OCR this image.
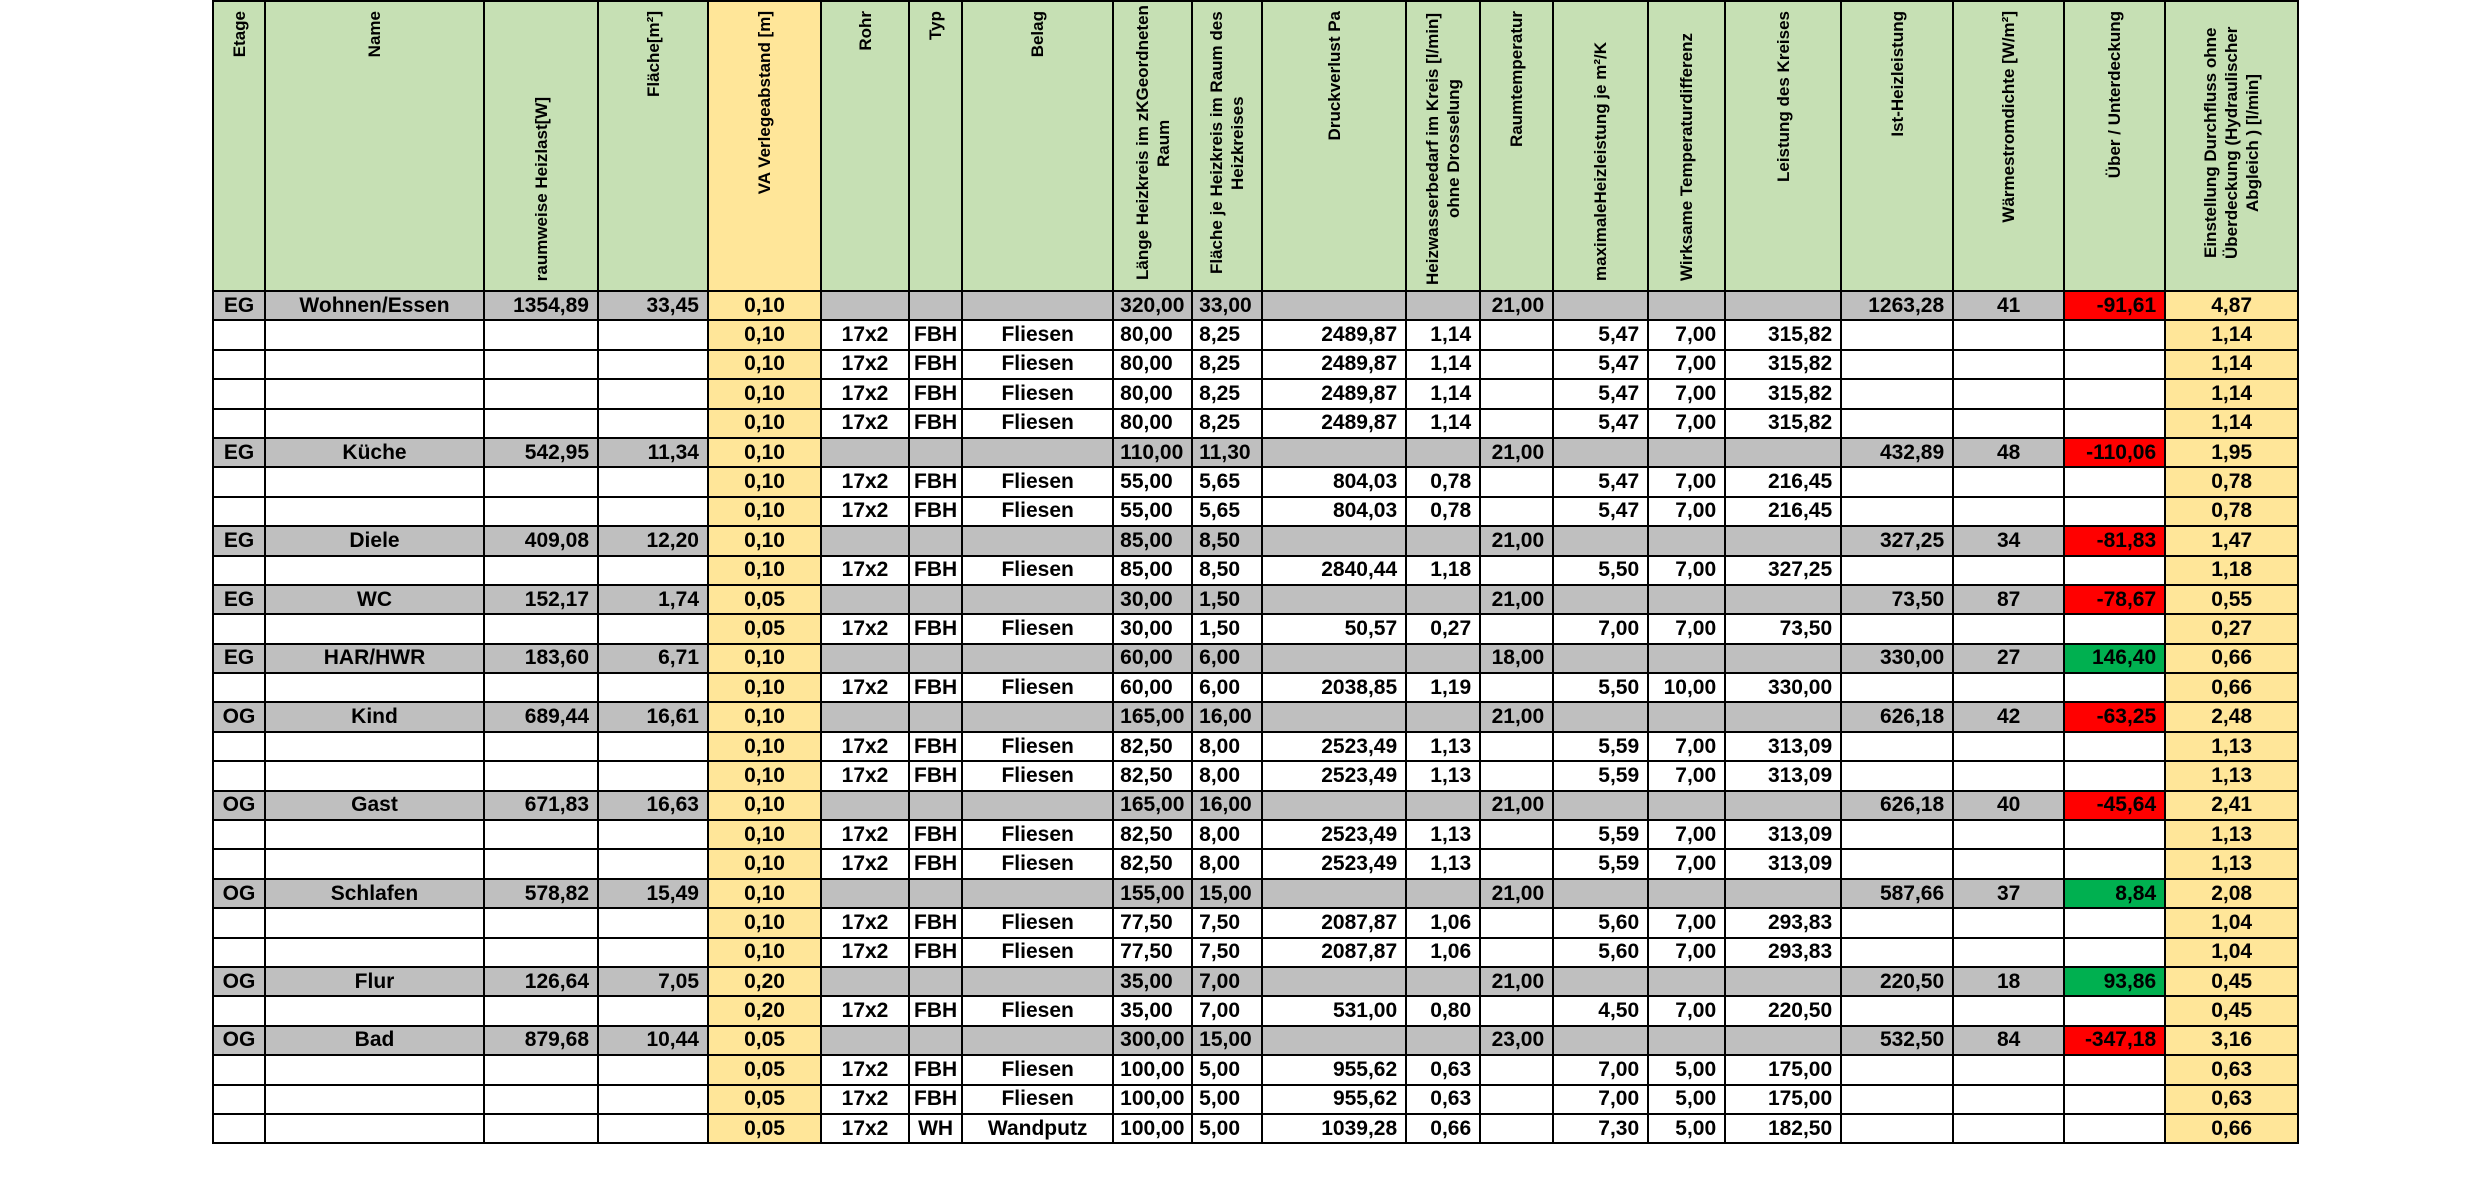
Etage	Name	raumweise Heizlast[W]	Fläche[m²]	VA Verlegeabstand [m]	Rohr	Typ	Belag	Länge Heizkreis im zKGeordneten Raum	Fläche je Heizkreis im Raum des Heizkreises	Druckverlust Pa	Heizwasserbedarf im Kreis [l/min] ohne Drosselung	Raumtemperatur	maximaleHeizleistung je m²/K	Wirksame Temperaturdifferenz	Leistung des Kreises	Ist-Heizleistung	Wärmestromdichte [W/m²]	Über / Unterdeckung	Einstellung Durchfluss ohne Überdeckung (Hydraulischer Abgleich ) [l/min]

EG	Wohnen/Essen	1354,89	33,45	0,10				320,00	33,00			21,00				1263,28	41	-91,61	4,87
				0,10	17x2	FBH	Fliesen	80,00	8,25	2489,87	1,14		5,47	7,00	315,82				1,14
				0,10	17x2	FBH	Fliesen	80,00	8,25	2489,87	1,14		5,47	7,00	315,82				1,14
				0,10	17x2	FBH	Fliesen	80,00	8,25	2489,87	1,14		5,47	7,00	315,82				1,14
				0,10	17x2	FBH	Fliesen	80,00	8,25	2489,87	1,14		5,47	7,00	315,82				1,14
EG	Küche	542,95	11,34	0,10				110,00	11,30			21,00				432,89	48	-110,06	1,95
				0,10	17x2	FBH	Fliesen	55,00	5,65	804,03	0,78		5,47	7,00	216,45				0,78
				0,10	17x2	FBH	Fliesen	55,00	5,65	804,03	0,78		5,47	7,00	216,45				0,78
EG	Diele	409,08	12,20	0,10				85,00	8,50			21,00				327,25	34	-81,83	1,47
				0,10	17x2	FBH	Fliesen	85,00	8,50	2840,44	1,18		5,50	7,00	327,25				1,18
EG	WC	152,17	1,74	0,05				30,00	1,50			21,00				73,50	87	-78,67	0,55
				0,05	17x2	FBH	Fliesen	30,00	1,50	50,57	0,27		7,00	7,00	73,50				0,27
EG	HAR/HWR	183,60	6,71	0,10				60,00	6,00			18,00				330,00	27	146,40	0,66
				0,10	17x2	FBH	Fliesen	60,00	6,00	2038,85	1,19		5,50	10,00	330,00				0,66
OG	Kind	689,44	16,61	0,10				165,00	16,00			21,00				626,18	42	-63,25	2,48
				0,10	17x2	FBH	Fliesen	82,50	8,00	2523,49	1,13		5,59	7,00	313,09				1,13
				0,10	17x2	FBH	Fliesen	82,50	8,00	2523,49	1,13		5,59	7,00	313,09				1,13
OG	Gast	671,83	16,63	0,10				165,00	16,00			21,00				626,18	40	-45,64	2,41
				0,10	17x2	FBH	Fliesen	82,50	8,00	2523,49	1,13		5,59	7,00	313,09				1,13
				0,10	17x2	FBH	Fliesen	82,50	8,00	2523,49	1,13		5,59	7,00	313,09				1,13
OG	Schlafen	578,82	15,49	0,10				155,00	15,00			21,00				587,66	37	8,84	2,08
				0,10	17x2	FBH	Fliesen	77,50	7,50	2087,87	1,06		5,60	7,00	293,83				1,04
				0,10	17x2	FBH	Fliesen	77,50	7,50	2087,87	1,06		5,60	7,00	293,83				1,04
OG	Flur	126,64	7,05	0,20				35,00	7,00			21,00				220,50	18	93,86	0,45
				0,20	17x2	FBH	Fliesen	35,00	7,00	531,00	0,80		4,50	7,00	220,50				0,45
OG	Bad	879,68	10,44	0,05				300,00	15,00			23,00				532,50	84	-347,18	3,16
				0,05	17x2	FBH	Fliesen	100,00	5,00	955,62	0,63		7,00	5,00	175,00				0,63
				0,05	17x2	FBH	Fliesen	100,00	5,00	955,62	0,63		7,00	5,00	175,00				0,63
				0,05	17x2	WH	Wandputz	100,00	5,00	1039,28	0,66		7,30	5,00	182,50				0,66
